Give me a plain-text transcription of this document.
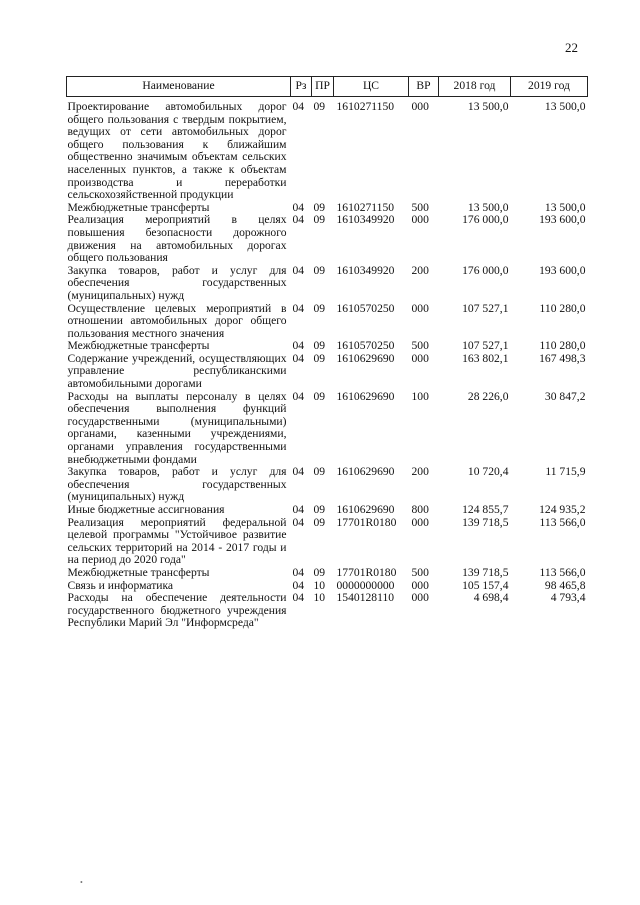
22
Наименование	Рз	ПР	ЦС	ВР	2018 год	2019 год
Проектирование автомобильных дорог общего пользования с твердым покрытием, ведущих от сети автомобильных дорог общего пользования к ближайшим общественно значимым объектам сельских населенных пунктов, а также к объектам производства и переработки сельскохозяйственной продукции	04	09	1610271150	000	13 500,0	13 500,0
Межбюджетные трансферты	04	09	1610271150	500	13 500,0	13 500,0
Реализация мероприятий в целях повышения безопасности дорожного движения на автомобильных дорогах общего пользования	04	09	1610349920	000	176 000,0	193 600,0
Закупка товаров, работ и услуг для обеспечения государственных (муниципальных) нужд	04	09	1610349920	200	176 000,0	193 600,0
Осуществление целевых мероприятий в отношении автомобильных дорог общего пользования местного значения	04	09	1610570250	000	107 527,1	110 280,0
Межбюджетные трансферты	04	09	1610570250	500	107 527,1	110 280,0
Содержание учреждений, осуществляющих управление республиканскими автомобильными дорогами	04	09	1610629690	000	163 802,1	167 498,3
Расходы на выплаты персоналу в целях обеспечения выполнения функций государственными (муниципальными) органами, казенными учреждениями, органами управления государственными внебюджетными фондами	04	09	1610629690	100	28 226,0	30 847,2
Закупка товаров, работ и услуг для обеспечения государственных (муниципальных) нужд	04	09	1610629690	200	10 720,4	11 715,9
Иные бюджетные ассигнования	04	09	1610629690	800	124 855,7	124 935,2
Реализация мероприятий федеральной целевой программы "Устойчивое развитие сельских территорий на 2014 - 2017 годы и на период до 2020 года"	04	09	17701R0180	000	139 718,5	113 566,0
Межбюджетные трансферты	04	09	17701R0180	500	139 718,5	113 566,0
Связь и информатика	04	10	0000000000	000	105 157,4	98 465,8
Расходы на обеспечение деятельности государственного бюджетного учреждения Республики Марий Эл "Информсреда"	04	10	1540128110	000	4 698,4	4 793,4
•
